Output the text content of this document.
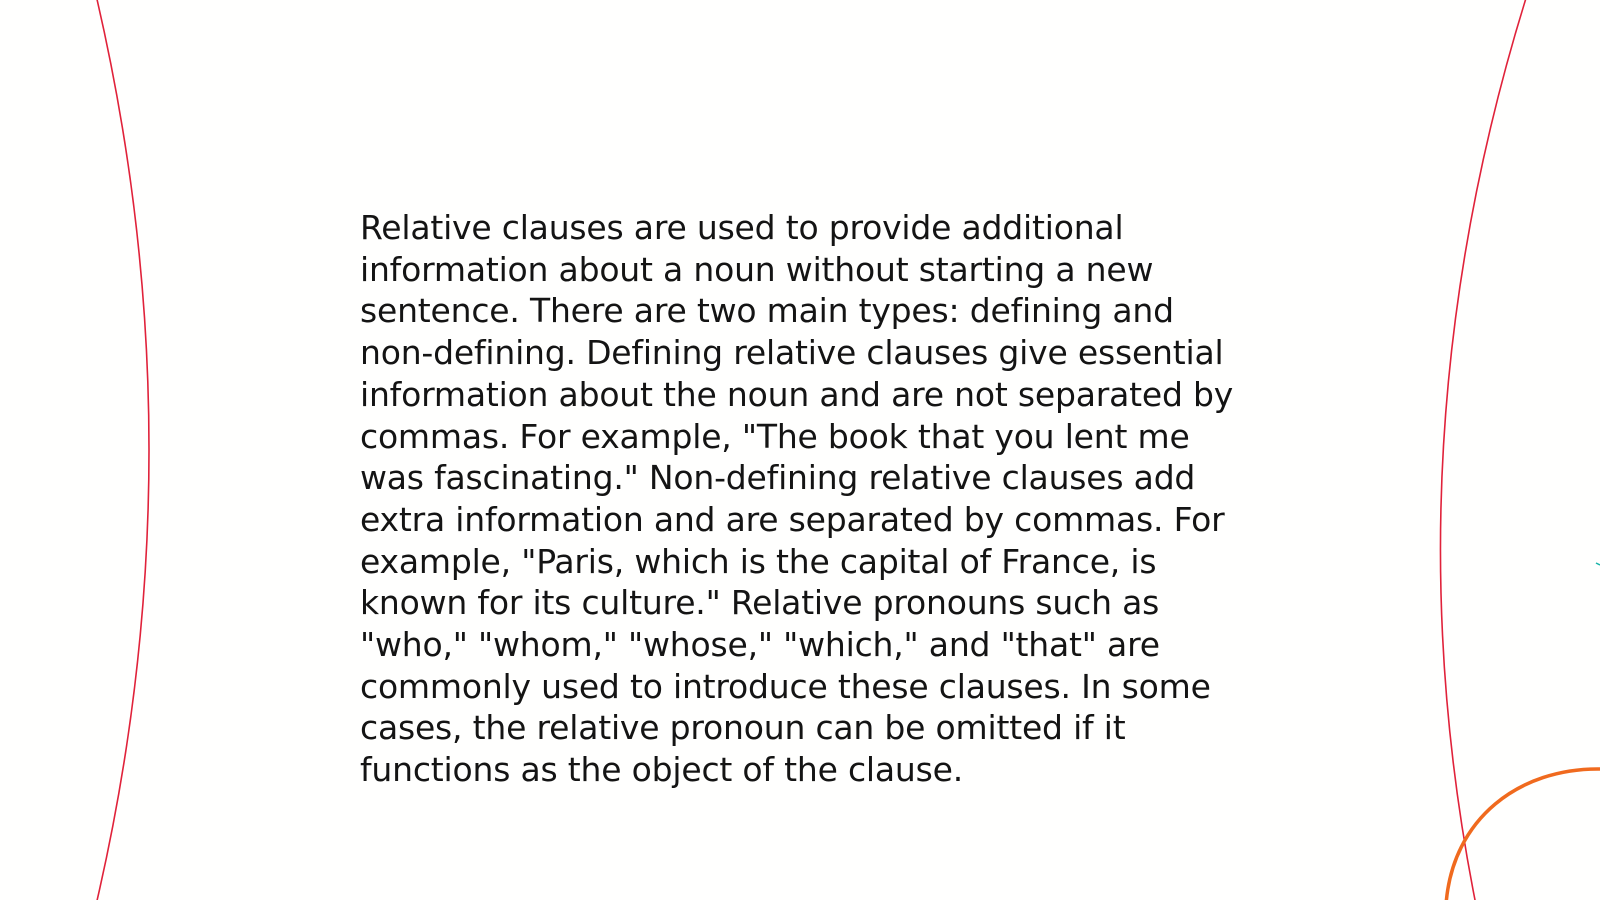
Relative clauses are used to provide additional
information about a noun without starting a new
sentence. There are two main types: defining and
non-defining. Defining relative clauses give essential
information about the noun and are not separated by
commas. For example, "The book that you lent me
was fascinating." Non-defining relative clauses add
extra information and are separated by commas. For
example, "Paris, which is the capital of France, is
known for its culture." Relative pronouns such as
"who," "whom," "whose," "which," and "that" are
commonly used to introduce these clauses. In some
cases, the relative pronoun can be omitted if it
functions as the object of the clause.
